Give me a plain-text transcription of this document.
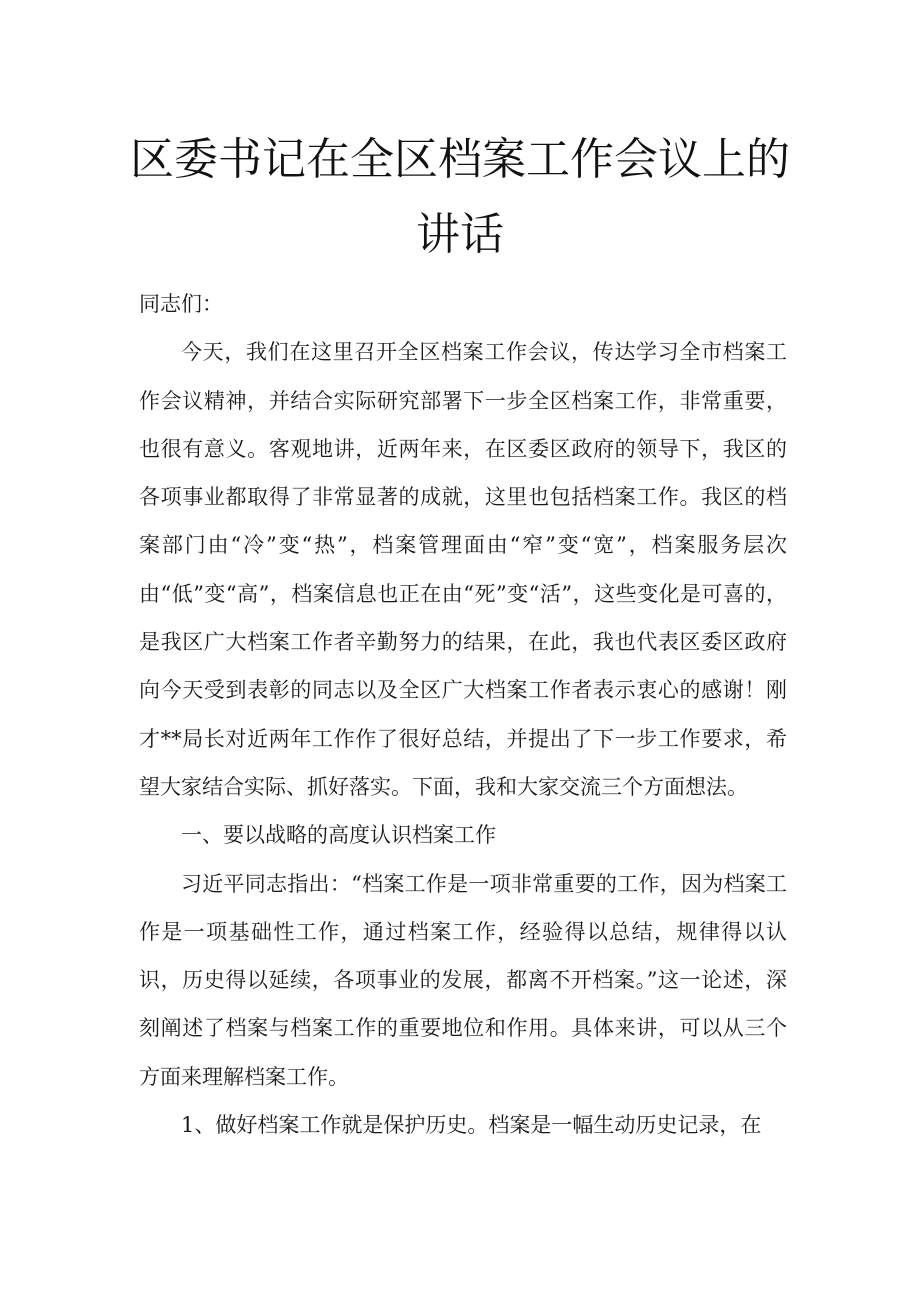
区委书记在全区档案工作会议上的
讲话

同志们：

今天，我们在这里召开全区档案工作会议，传达学习全市档案工作会议精神，并结合实际研究部署下一步全区档案工作，非常重要，也很有意义。客观地讲，近两年来，在区委区政府的领导下，我区的各项事业都取得了非常显著的成就，这里也包括档案工作。我区的档案部门由“冷”变“热”，档案管理面由“窄”变“宽”，档案服务层次由“低”变“高”，档案信息也正在由“死”变“活”，这些变化是可喜的，是我区广大档案工作者辛勤努力的结果，在此，我也代表区委区政府向今天受到表彰的同志以及全区广大档案工作者表示衷心的感谢！刚才**局长对近两年工作作了很好总结，并提出了下一步工作要求，希望大家结合实际、抓好落实。下面，我和大家交流三个方面想法。

一、要以战略的高度认识档案工作

习近平同志指出：“档案工作是一项非常重要的工作，因为档案工作是一项基础性工作，通过档案工作，经验得以总结，规律得以认识，历史得以延续，各项事业的发展，都离不开档案。”这一论述，深刻阐述了档案与档案工作的重要地位和作用。具体来讲，可以从三个方面来理解档案工作。

1、做好档案工作就是保护历史。档案是一幅生动历史记录，在
